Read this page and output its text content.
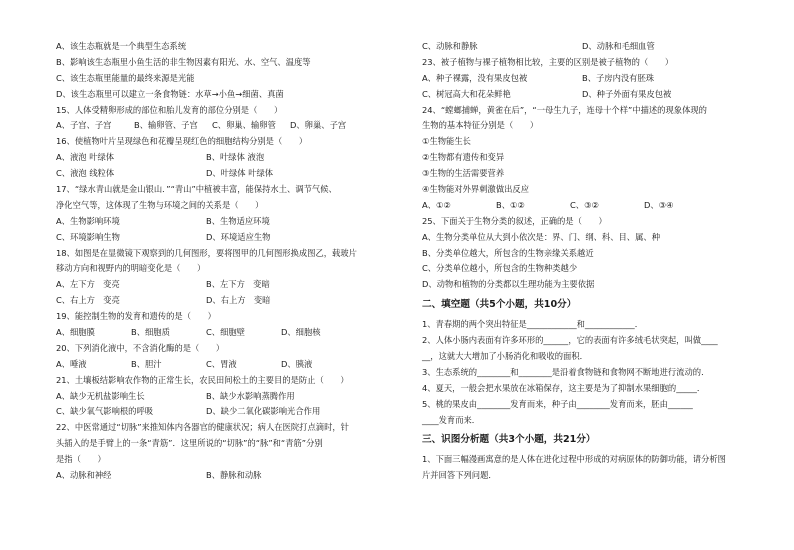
A、该生态瓶就是一个典型生态系统
B、影响该生态瓶里小鱼生活的非生物因素有阳光、水、空气、温度等
C、该生态瓶里能量的最终来源是光能
D、该生态瓶里可以建立一条食物链：水草→小鱼→细菌、真菌
15、人体受精卵形成的部位和胎儿发育的部位分别是（　　）
A、子宫、子宫	B、输卵管、子宫 C、卵巢、输卵管 D、卵巢、子宫
16、使植物叶片呈现绿色和花瓣呈现红色的细胞结构分别是（　　）
A、液泡 叶绿体	B、叶绿体 液泡
C、液泡 线粒体	D、叶绿体 叶绿体
17、“绿水青山就是金山银山．”“青山”中植被丰富，能保持水土、调节气候、
净化空气等，这体现了生物与环境之间的关系是（　　）
A、生物影响环境	B、生物适应环境
C、环境影响生物	D、环境适应生物
18、如图是在显微镜下观察到的几何图形，要将图甲的几何图形换成图乙，载玻片
移动方向和视野内的明暗变化是（　　）
A、左下方　变亮	B、左下方　变暗
C、右上方　变亮	D、右上方　变暗
19、能控制生物的发育和遗传的是（　　）
A、细胞膜	B、细胞质	C、细胞壁	D、细胞核
20、下列消化液中，不含消化酶的是（　　）
A、唾液	B、胆汁	C、胃液	D、胰液
21、土壤板结影响农作物的正常生长，农民田间松土的主要目的是防止（　　）
A、缺少无机盐影响生长	B、缺少水影响蒸腾作用
C、缺少氧气影响根的呼吸	D、缺少二氧化碳影响光合作用
22、中医常通过“切脉”来推知体内各器官的健康状况；病人在医院打点滴时，针
头插入的是手臂上的一条“青筋”．这里所说的“切脉”的“脉”和“青筋”分别
是指（　　）
A、动脉和神经	B、静脉和动脉
C、动脉和静脉	D、动脉和毛细血管
23、被子植物与裸子植物相比较，主要的区别是被子植物的（　　）
A、种子裸露，没有果皮包被	B、子房内没有胚珠
C、树冠高大和花朵鲜艳	D、种子外面有果皮包被
24、“螳螂捕蝉，黄雀在后”，“一母生九子，连母十个样”中描述的现象体现的
生物的基本特征分别是（　　）
①生物能生长
②生物都有遗传和变异
③生物的生活需要营养
④生物能对外界刺激做出反应
A、①②	B、①②	C、③②	D、③④
25、下面关于生物分类的叙述，正确的是（　　）
A、生物分类单位从大到小依次是：界、门、纲、科、目、属、种
B、分类单位越大，所包含的生物亲缘关系越近
C、分类单位越小，所包含的生物种类越少
D、动物和植物的分类都以生理功能为主要依据
二、填空题（共5个小题，共10分）
1、青春期的两个突出特征是____________和____________．
2、人体小肠内表面有许多环形的______，它的表面有许多绒毛状突起，叫做____
__，这就大大增加了小肠消化和吸收的面积．
3、生态系统的________和________是沿着食物链和食物网不断地进行流动的．
4、夏天，一般会把水果放在冰箱保存，这主要是为了抑制水果细胞的_____．
5、桃的果皮由________发育而来，种子由________发育而来，胚由______
____发育而来．
三、识图分析题（共3个小题，共21分）
1、下面三幅漫画寓意的是人体在进化过程中形成的对病原体的防御功能，请分析图
片并回答下列问题．
